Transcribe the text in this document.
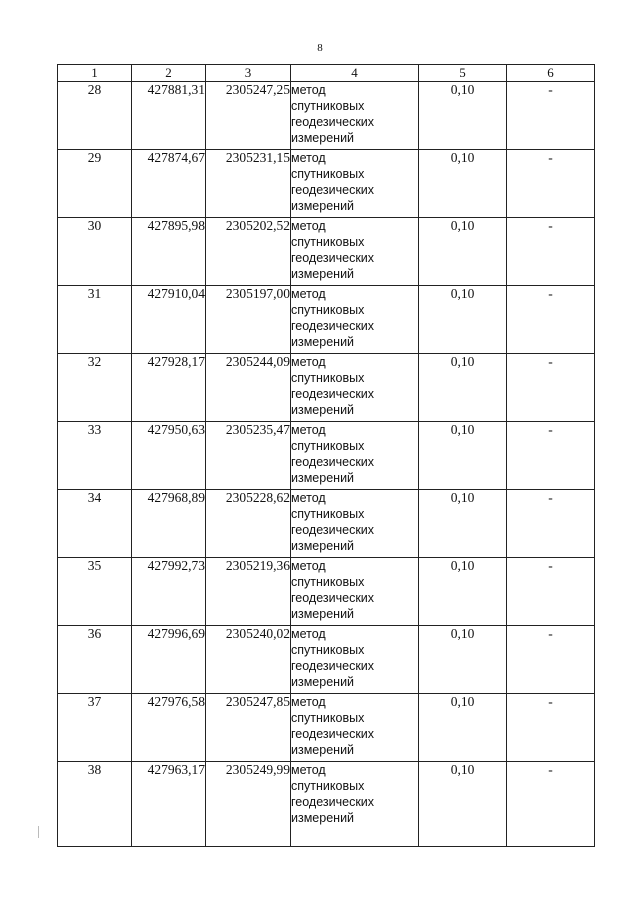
8
1	2	3	4	5	6
28	427881,31	2305247,25	метод
спутниковых
геодезических
измерений	0,10	-
29	427874,67	2305231,15	метод
спутниковых
геодезических
измерений	0,10	-
30	427895,98	2305202,52	метод
спутниковых
геодезических
измерений	0,10	-
31	427910,04	2305197,00	метод
спутниковых
геодезических
измерений	0,10	-
32	427928,17	2305244,09	метод
спутниковых
геодезических
измерений	0,10	-
33	427950,63	2305235,47	метод
спутниковых
геодезических
измерений	0,10	-
34	427968,89	2305228,62	метод
спутниковых
геодезических
измерений	0,10	-
35	427992,73	2305219,36	метод
спутниковых
геодезических
измерений	0,10	-
36	427996,69	2305240,02	метод
спутниковых
геодезических
измерений	0,10	-
37	427976,58	2305247,85	метод
спутниковых
геодезических
измерений	0,10	-
38	427963,17	2305249,99	метод
спутниковых
геодезических
измерений	0,10	-
